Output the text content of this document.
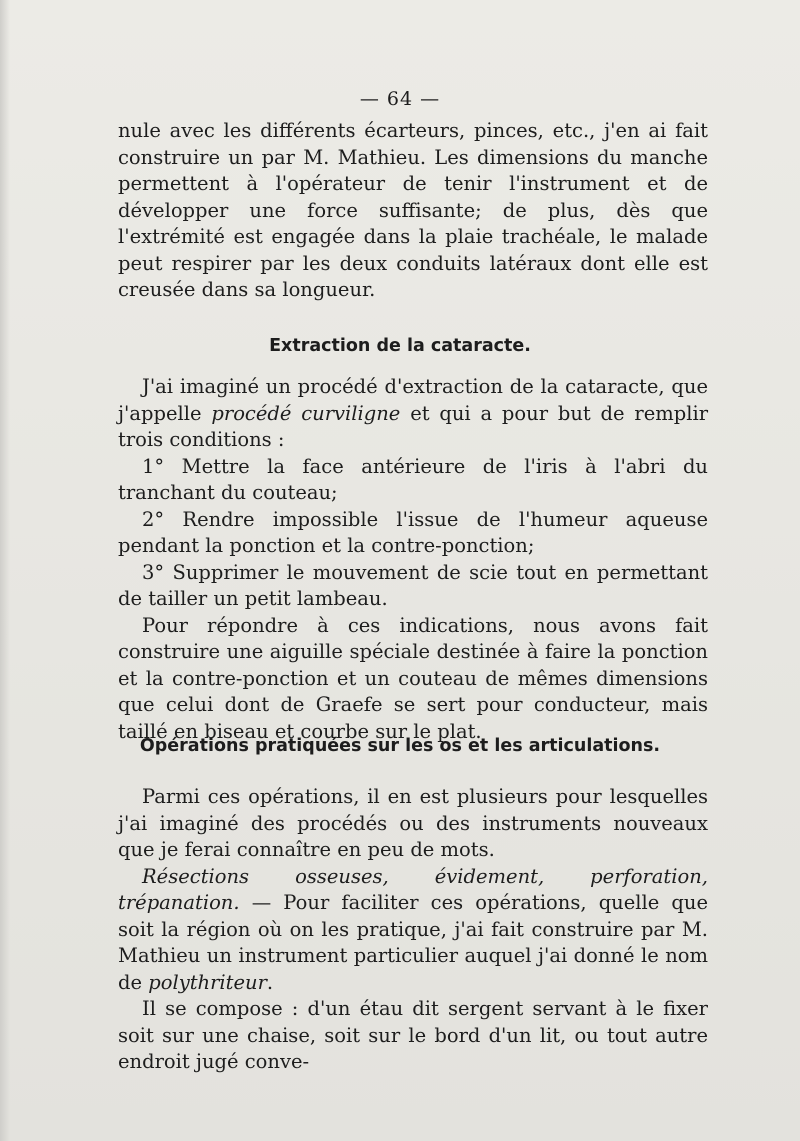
— 64 —

nule avec les différents écarteurs, pinces, etc., j'en ai fait construire un par M. Mathieu. Les dimensions du manche permettent à l'opérateur de tenir l'instrument et de développer une force suffisante; de plus, dès que l'extrémité est engagée dans la plaie trachéale, le malade peut respirer par les deux conduits latéraux dont elle est creusée dans sa longueur.

Extraction de la cataracte.

J'ai imaginé un procédé d'extraction de la cataracte, que j'appelle procédé curviligne et qui a pour but de remplir trois conditions :

1° Mettre la face antérieure de l'iris à l'abri du tranchant du couteau;

2° Rendre impossible l'issue de l'humeur aqueuse pendant la ponction et la contre-ponction;

3° Supprimer le mouvement de scie tout en permettant de tailler un petit lambeau.

Pour répondre à ces indications, nous avons fait construire une aiguille spéciale destinée à faire la ponction et la contre-ponction et un couteau de mêmes dimensions que celui dont de Graefe se sert pour conducteur, mais taillé en biseau et courbe sur le plat.

Opérations pratiquées sur les os et les articulations.

Parmi ces opérations, il en est plusieurs pour lesquelles j'ai imaginé des procédés ou des instruments nouveaux que je ferai connaître en peu de mots.

Résections osseuses, évidement, perforation, trépanation. — Pour faciliter ces opérations, quelle que soit la région où on les pratique, j'ai fait construire par M. Mathieu un instrument particulier auquel j'ai donné le nom de polythriteur.

Il se compose : d'un étau dit sergent servant à le fixer soit sur une chaise, soit sur le bord d'un lit, ou tout autre endroit jugé conve-
